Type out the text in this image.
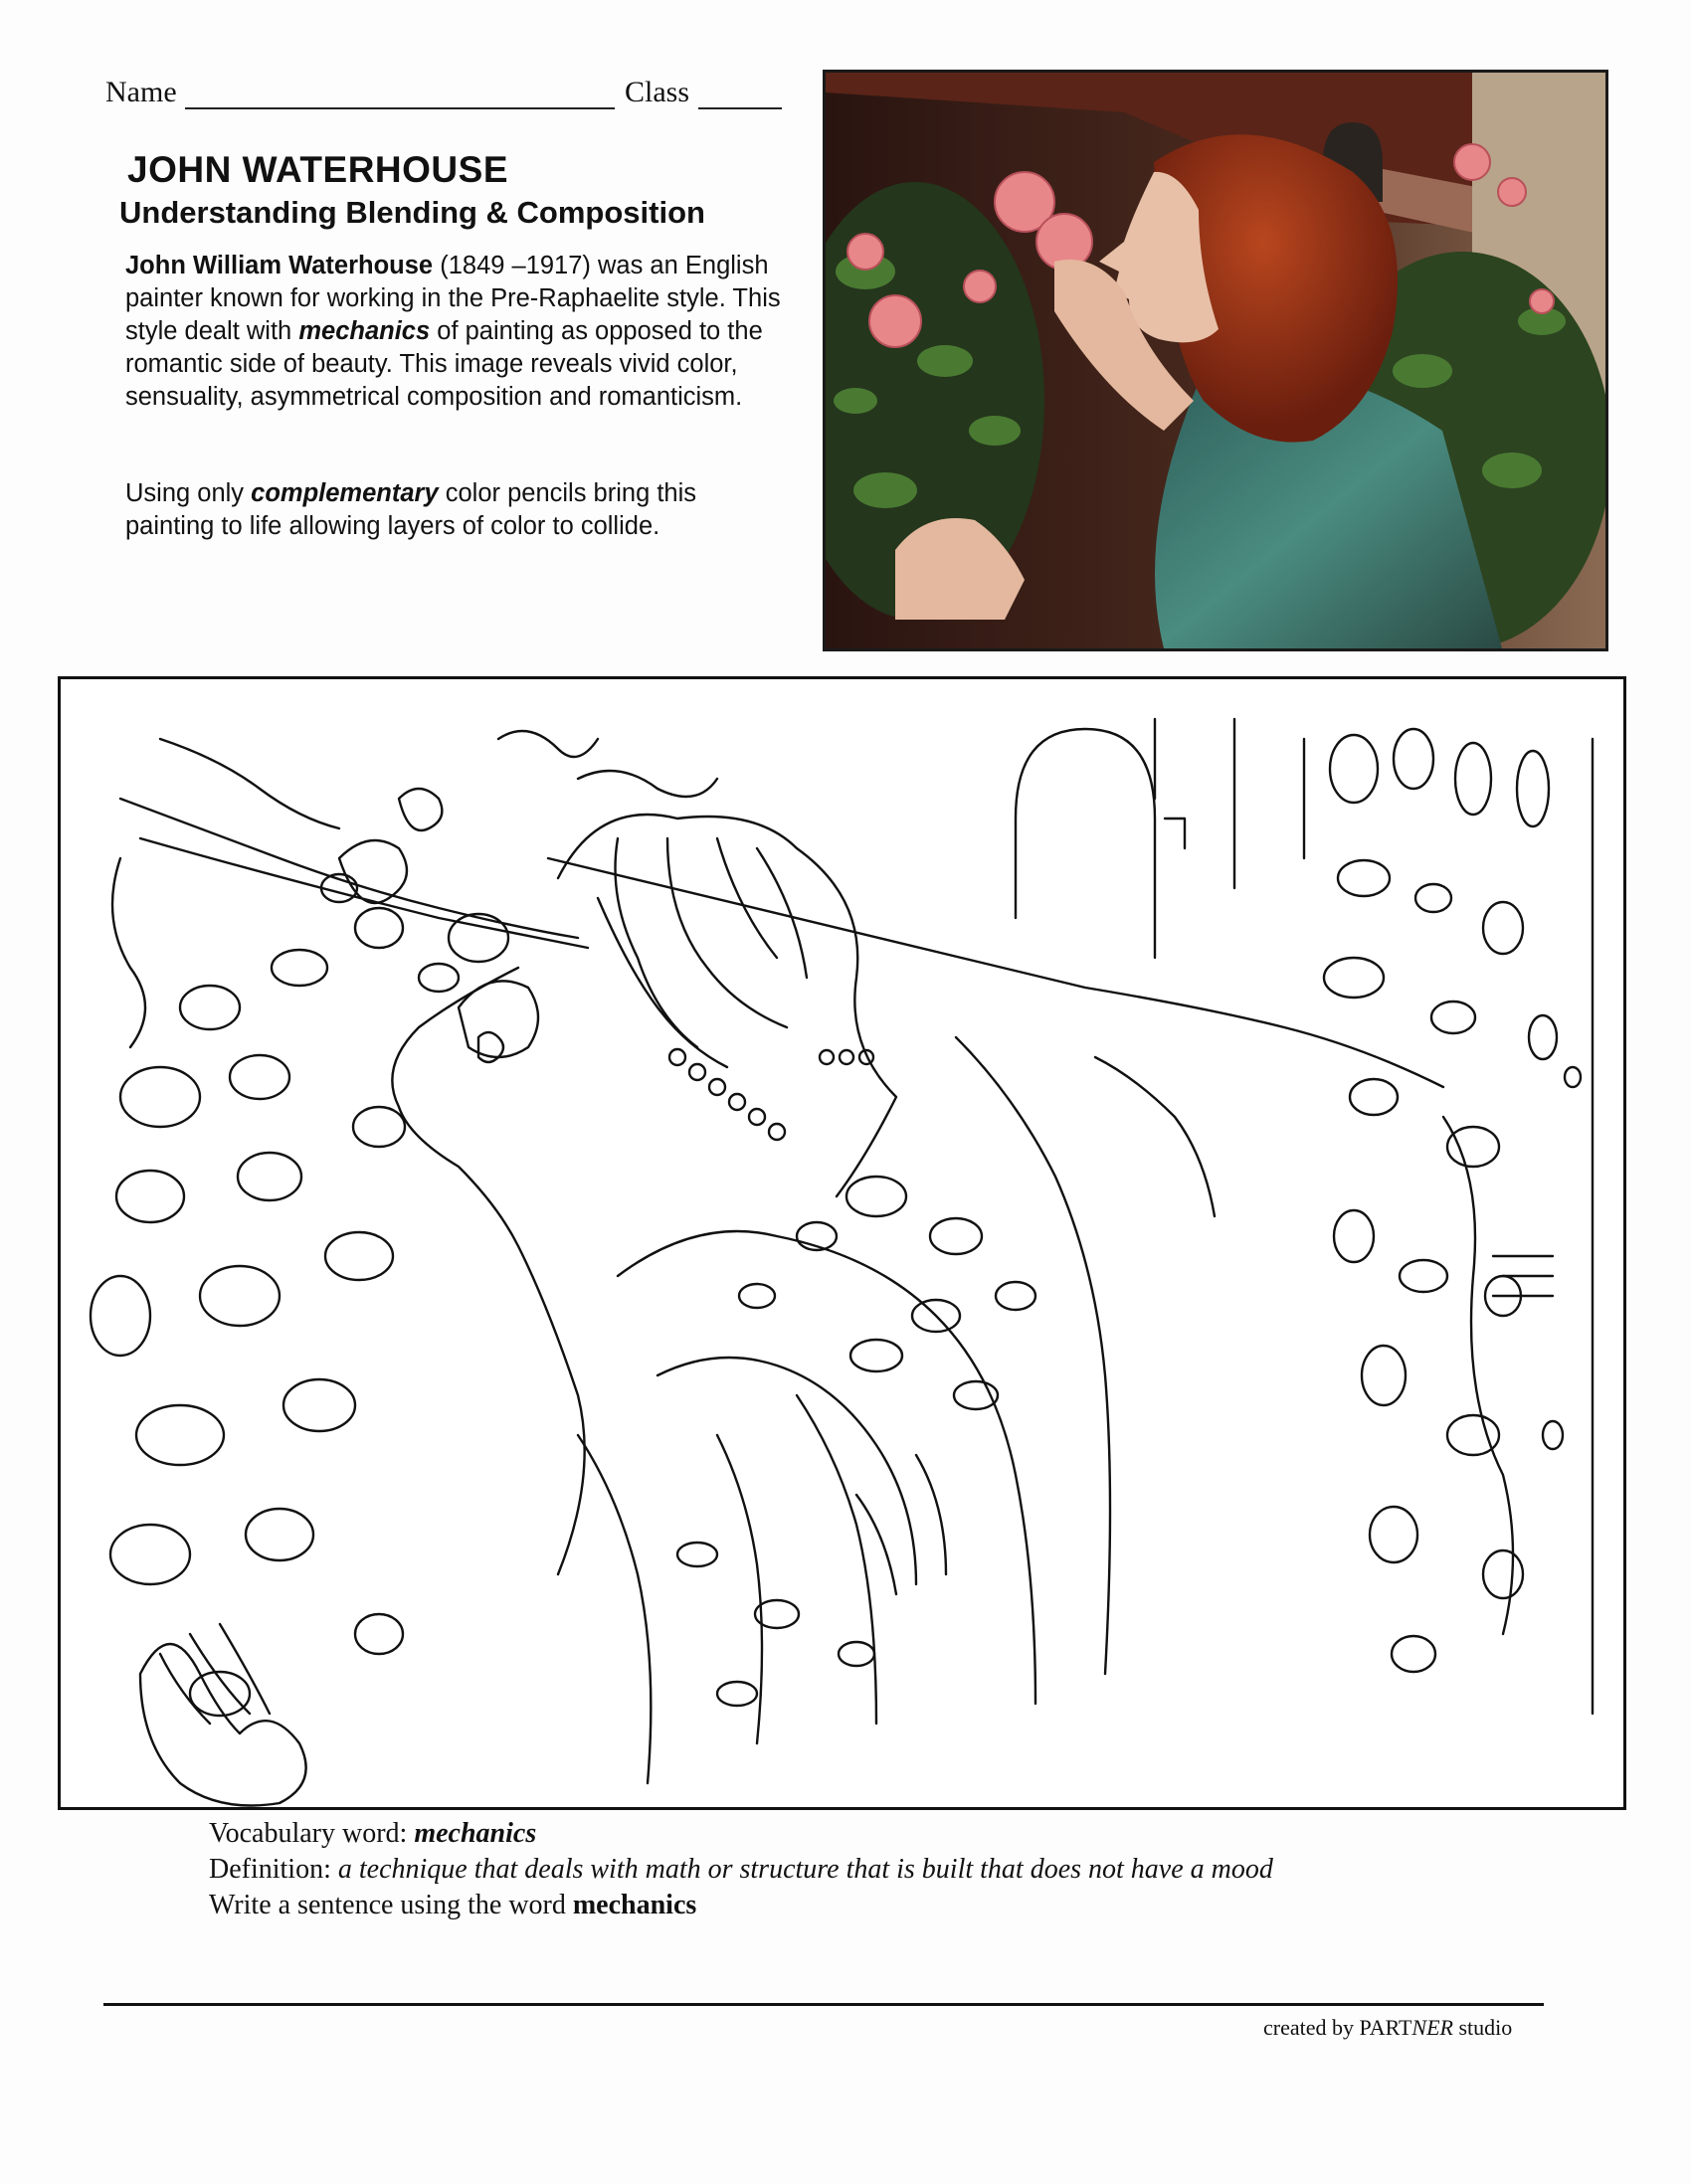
Name	Class
JOHN WATERHOUSE
Understanding Blending & Composition
John William Waterhouse (1849 –1917) was an English painter known for working in the Pre-Raphaelite style. This style dealt with mechanics of painting as opposed to the romantic side of beauty. This image reveals vivid color, sensuality, asymmetrical composition and romanticism.
Using only complementary color pencils bring this painting to life allowing layers of color to collide.
Vocabulary word: mechanics
Definition: a technique that deals with math or structure that is built that does not have a mood
Write a sentence using the word mechanics
created by PARTNER studio
